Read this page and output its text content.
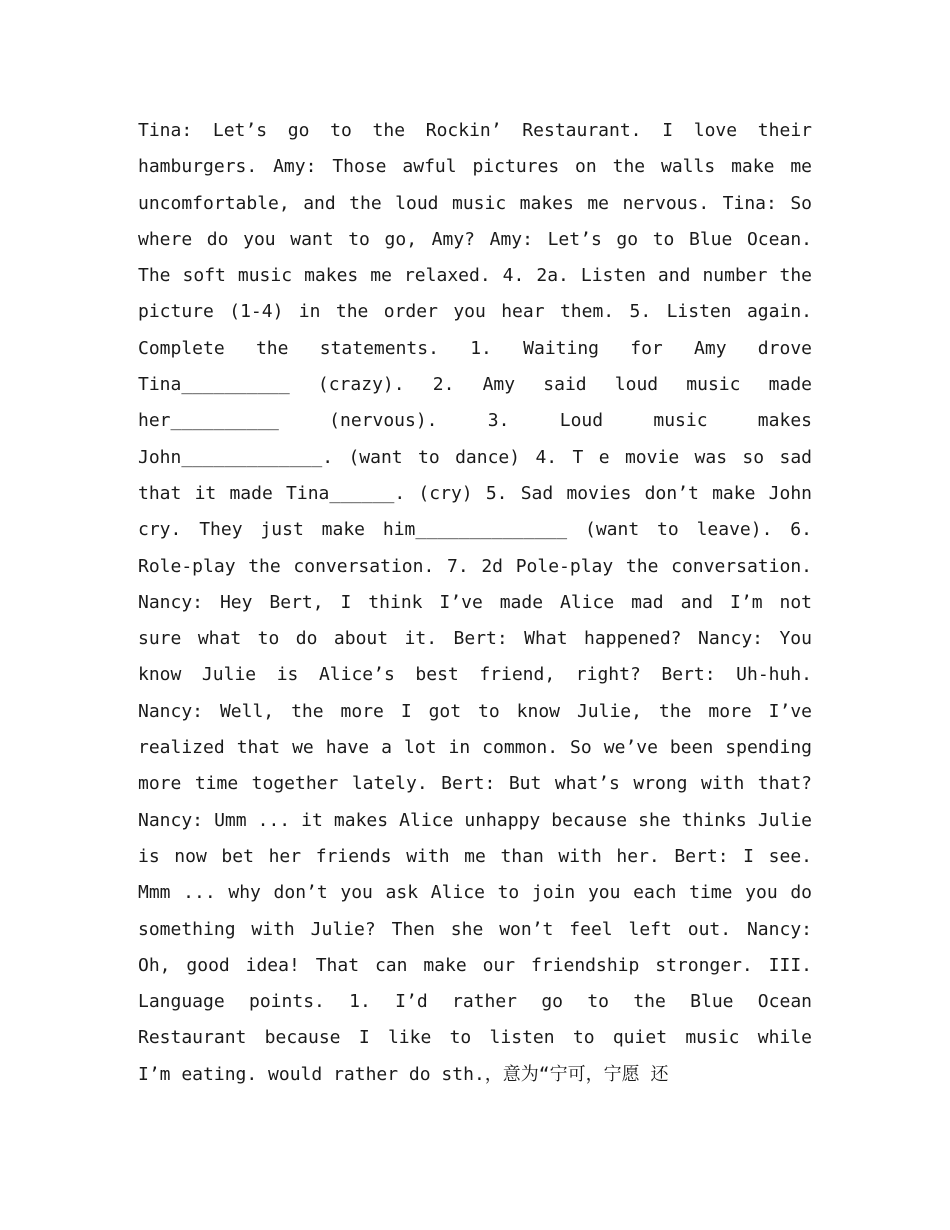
Tina: Let’s go to the Rockin’ Restaurant. I love their
hamburgers. Amy: Those awful pictures on the walls make me
uncomfortable, and the loud music makes me nervous. Tina: So
where do you want to go, Amy? Amy: Let’s go to Blue Ocean.
The soft music makes me relaxed. 4. 2a. Listen and number the
picture (1-4) in the order you hear them. 5. Listen again.
Complete the statements. 1. Waiting for Amy drove
Tina__________ (crazy). 2. Amy said loud music made
her__________ (nervous). 3. Loud music makes
John_____________. (want to dance) 4. T e movie was so sad
that it made Tina______. (cry) 5. Sad movies don’t make John
cry. They just make him______________ (want to leave). 6.
Role-play the conversation. 7. 2d Pole-play the conversation.
Nancy: Hey Bert, I think I’ve made Alice mad and I’m not
sure what to do about it. Bert: What happened? Nancy: You
know Julie is Alice’s best friend, right? Bert: Uh-huh.
Nancy: Well, the more I got to know Julie, the more I’ve
realized that we have a lot in common. So we’ve been spending
more time together lately. Bert: But what’s wrong with that?
Nancy: Umm ... it makes Alice unhappy because she thinks Julie
is now bet her friends with me than with her. Bert: I see.
Mmm ... why don’t you ask Alice to join you each time you do
something with Julie? Then she won’t feel left out. Nancy:
Oh, good idea! That can make our friendship stronger. III.
Language points. 1. I’d rather go to the Blue Ocean
Restaurant because I like to listen to quiet music while
I’m eating. would rather do sth.，意为“宁可，宁愿 还
